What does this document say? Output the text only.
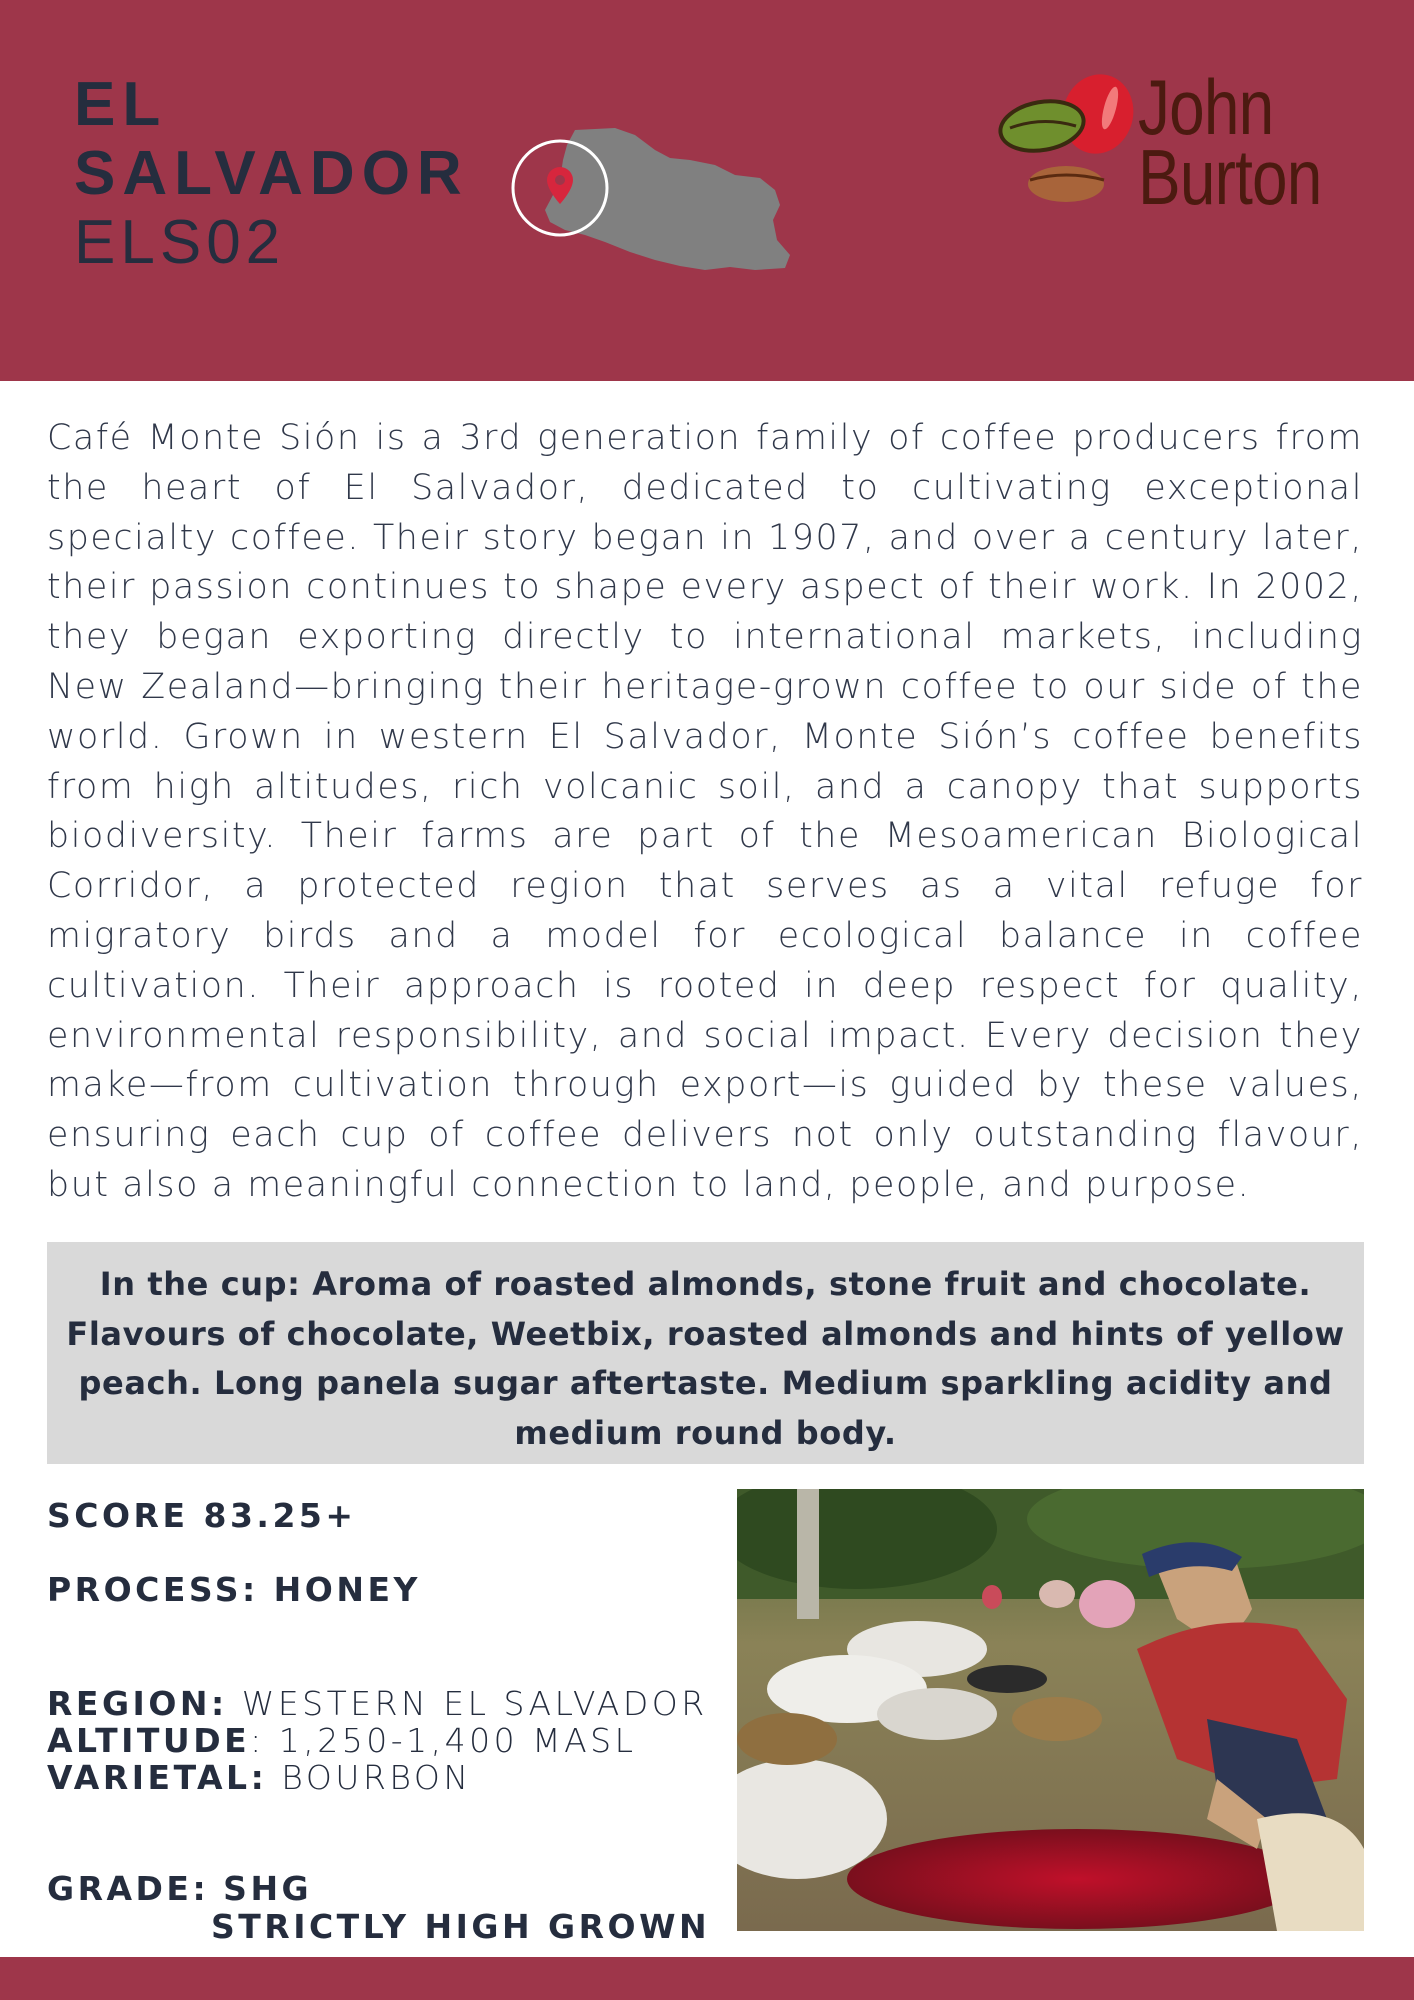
EL
SALVADOR
ELS02
John
Burton
Café Monte Sión is a 3rd generation family of coffee producers from the heart of El Salvador, dedicated to cultivating exceptional specialty coffee. Their story began in 1907, and over a century later, their passion continues to shape every aspect of their work. In 2002, they began exporting directly to international markets, including New Zealand—bringing their heritage-grown coffee to our side of the world. Grown in western El Salvador, Monte Sión’s coffee benefits from high altitudes, rich volcanic soil, and a canopy that supports biodiversity. Their farms are part of the Mesoamerican Biological Corridor, a protected region that serves as a vital refuge for migratory birds and a model for ecological balance in coffee cultivation. Their approach is rooted in deep respect for quality, environmental responsibility, and social impact. Every decision they make—from cultivation through export—is guided by these values, ensuring each cup of coffee delivers not only outstanding flavour, but also a meaningful connection to land, people, and purpose.
In the cup: Aroma of roasted almonds, stone fruit and chocolate. Flavours of chocolate, Weetbix, roasted almonds and hints of yellow peach. Long panela sugar aftertaste. Medium sparkling acidity and medium round body.
SCORE 83.25+
PROCESS: HONEY
REGION: WESTERN EL SALVADOR
ALTITUDE: 1,250-1,400 MASL
VARIETAL: BOURBON
GRADE: SHG
STRICTLY HIGH GROWN
